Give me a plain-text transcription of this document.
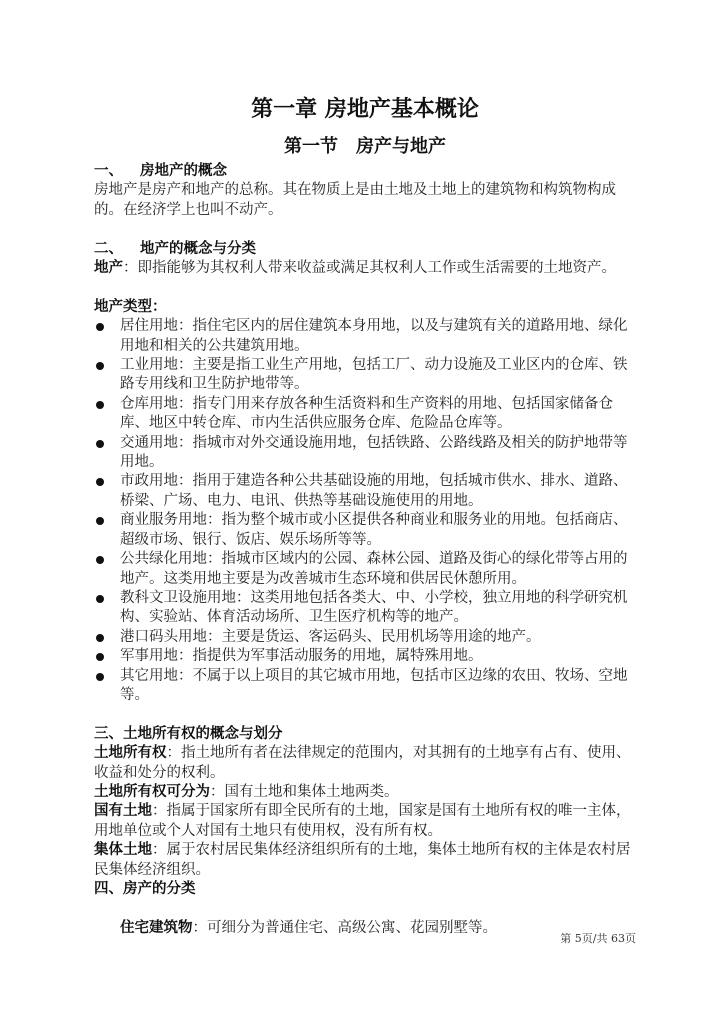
第一章 房地产基本概论
第一节　房产与地产
一、 房地产的概念

房地产是房产和地产的总称。其在物质上是由土地及土地上的建筑物和构筑物构成的。在经济学上也叫不动产。

二、 地产的概念与分类

地产：即指能够为其权利人带来收益或满足其权利人工作或生活需要的土地资产。

地产类型：

居住用地：指住宅区内的居住建筑本身用地，以及与建筑有关的道路用地、绿化用地和相关的公共建筑用地。
工业用地：主要是指工业生产用地，包括工厂、动力设施及工业区内的仓库、铁路专用线和卫生防护地带等。
仓库用地：指专门用来存放各种生活资料和生产资料的用地、包括国家储备仓库、地区中转仓库、市内生活供应服务仓库、危险品仓库等。
交通用地：指城市对外交通设施用地，包括铁路、公路线路及相关的防护地带等用地。
市政用地：指用于建造各种公共基础设施的用地，包括城市供水、排水、道路、桥梁、广场、电力、电讯、供热等基础设施使用的用地。
商业服务用地：指为整个城市或小区提供各种商业和服务业的用地。包括商店、超级市场、银行、饭店、娱乐场所等等。
公共绿化用地：指城市区域内的公园、森林公园、道路及街心的绿化带等占用的地产。这类用地主要是为改善城市生态环境和供居民休憩所用。
教科文卫设施用地：这类用地包括各类大、中、小学校，独立用地的科学研究机构、实验站、体育活动场所、卫生医疗机构等的地产。
港口码头用地：主要是货运、客运码头、民用机场等用途的地产。
军事用地：指提供为军事活动服务的用地，属特殊用地。
其它用地：不属于以上项目的其它城市用地，包括市区边缘的农田、牧场、空地等。
三、土地所有权的概念与划分

土地所有权：指土地所有者在法律规定的范围内，对其拥有的土地享有占有、使用、收益和处分的权利。

土地所有权可分为：国有土地和集体土地两类。

国有土地：指属于国家所有即全民所有的土地，国家是国有土地所有权的唯一主体，用地单位或个人对国有土地只有使用权，没有所有权。

集体土地：属于农村居民集体经济组织所有的土地，集体土地所有权的主体是农村居民集体经济组织。

四、房产的分类

住宅建筑物：可细分为普通住宅、高级公寓、花园别墅等。

第 5页/共 63页
